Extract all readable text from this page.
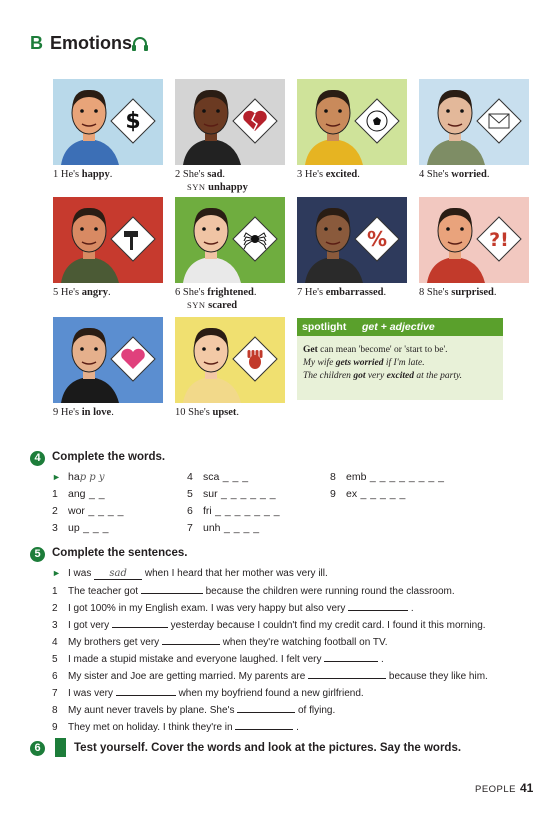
B Emotions
$
1 He's happy.	2 She's sad.
SYN unhappy
3 He's excited.	4 She's worried.
5 He's angry.	6 She's frightened.
SYN scared
%
7 He's embarrassed.
?!
8 She's surprised.
9 He's in love.	10 She's upset.
spotlight get + adjective
Get can mean 'become' or 'start to be'.
My wife gets worried if I'm late.
The children got very excited at the party.
4 Complete the words.
► hap p y
1 ang _ _
2 wor _ _ _ _
3 up _ _ _
4 sca _ _ _
5 sur _ _ _ _ _ _
6 fri _ _ _ _ _ _ _
7 unh _ _ _ _
8 emb _ _ _ _ _ _ _ _
9 ex _ _ _ _ _
5 Complete the sentences.
► I was sad when I heard that her mother was very ill.
1 The teacher got	because the children were running round the classroom.
2 I got 100% in my English exam. I was very happy but also very	.
3 I got very	yesterday because I couldn't find my credit card. I found it this morning.
4 My brothers get very	when they're watching football on TV.
5 I made a stupid mistake and everyone laughed. I felt very	.
6 My sister and Joe are getting married. My parents are	because they like him.
7 I was very	when my boyfriend found a new girlfriend.
8 My aunt never travels by plane. She's	of flying.
9 They met on holiday. I think they're in	.
6	Test yourself. Cover the words and look at the pictures. Say the words.
PEOPLE 41
